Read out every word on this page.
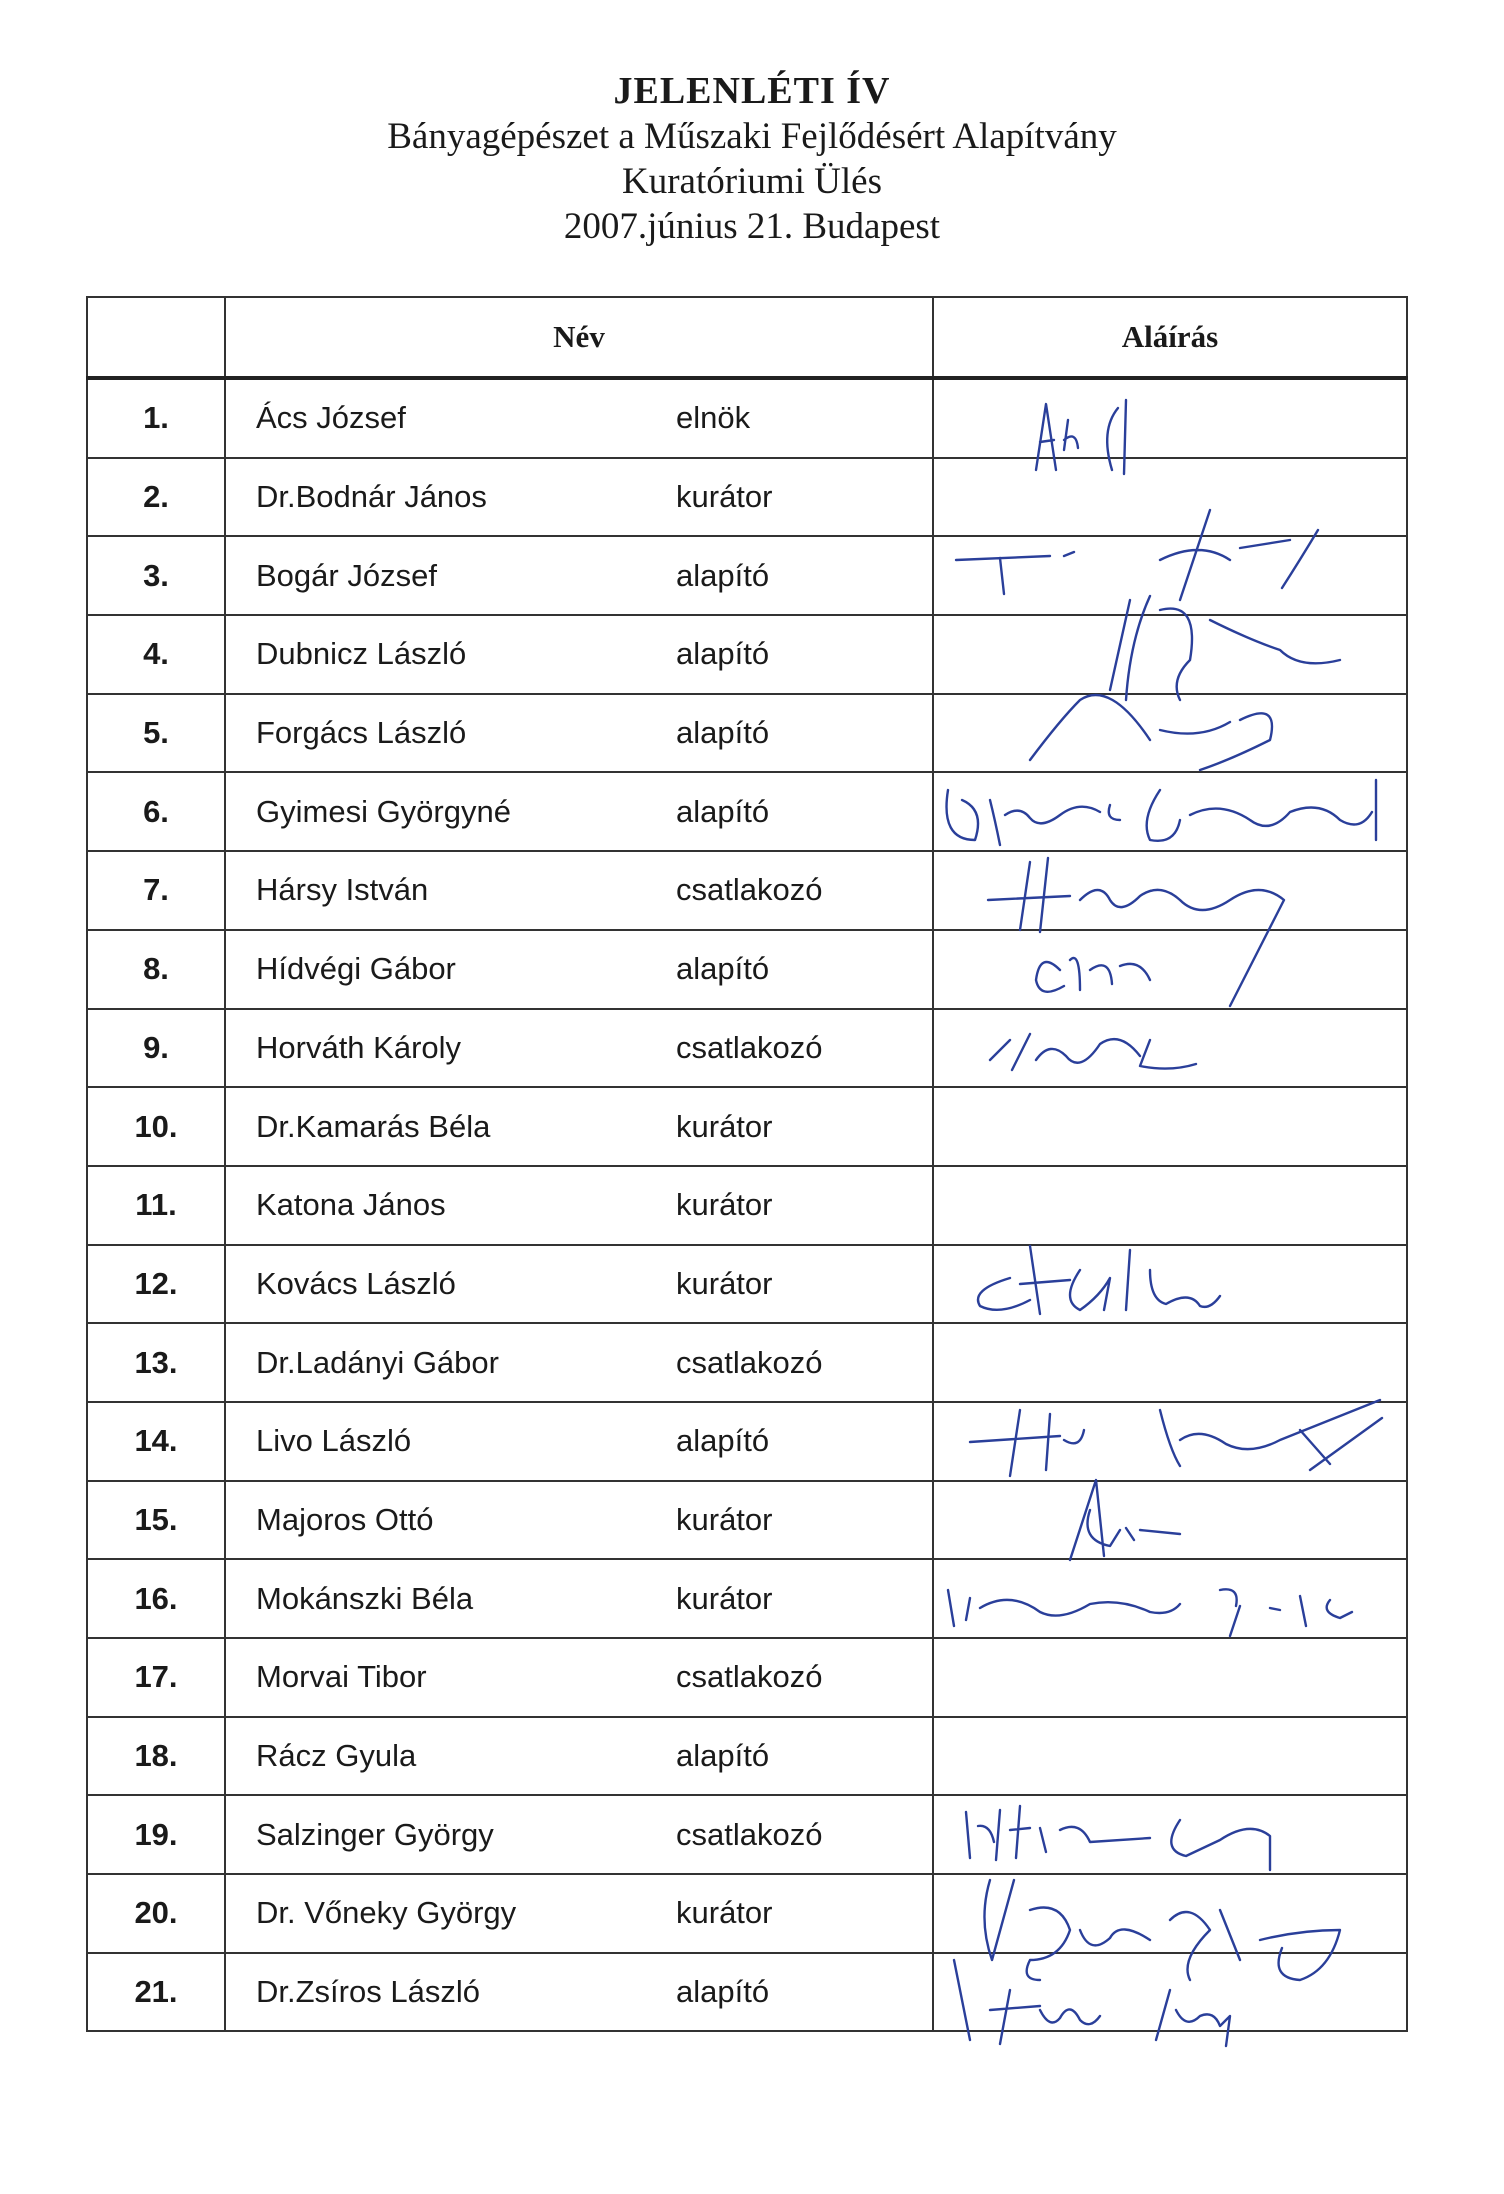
JELENLÉTI ÍV
Bányagépészet a Műszaki Fejlődésért Alapítvány
Kuratóriumi Ülés
2007.június 21. Budapest
	Név	Aláírás
1.	Ács József elnök	

2.	Dr.Bodnár János kurátor	

3.	Bogár József alapító	

4.	Dubnicz László alapító	

5.	Forgács László alapító	

6.	Gyimesi Györgyné alapító	

7.	Hársy István csatlakozó	

8.	Hídvégi Gábor alapító	

9.	Horváth Károly csatlakozó	

10.	Dr.Kamarás Béla kurátor	

11.	Katona János kurátor	

12.	Kovács László kurátor	

13.	Dr.Ladányi Gábor csatlakozó	

14.	Livo László alapító	

15.	Majoros Ottó kurátor	

16.	Mokánszki Béla kurátor	

17.	Morvai Tibor csatlakozó	

18.	Rácz Gyula alapító	

19.	Salzinger György csatlakozó	

20.	Dr. Vőneky György kurátor	

21.	Dr.Zsíros László alapító	
